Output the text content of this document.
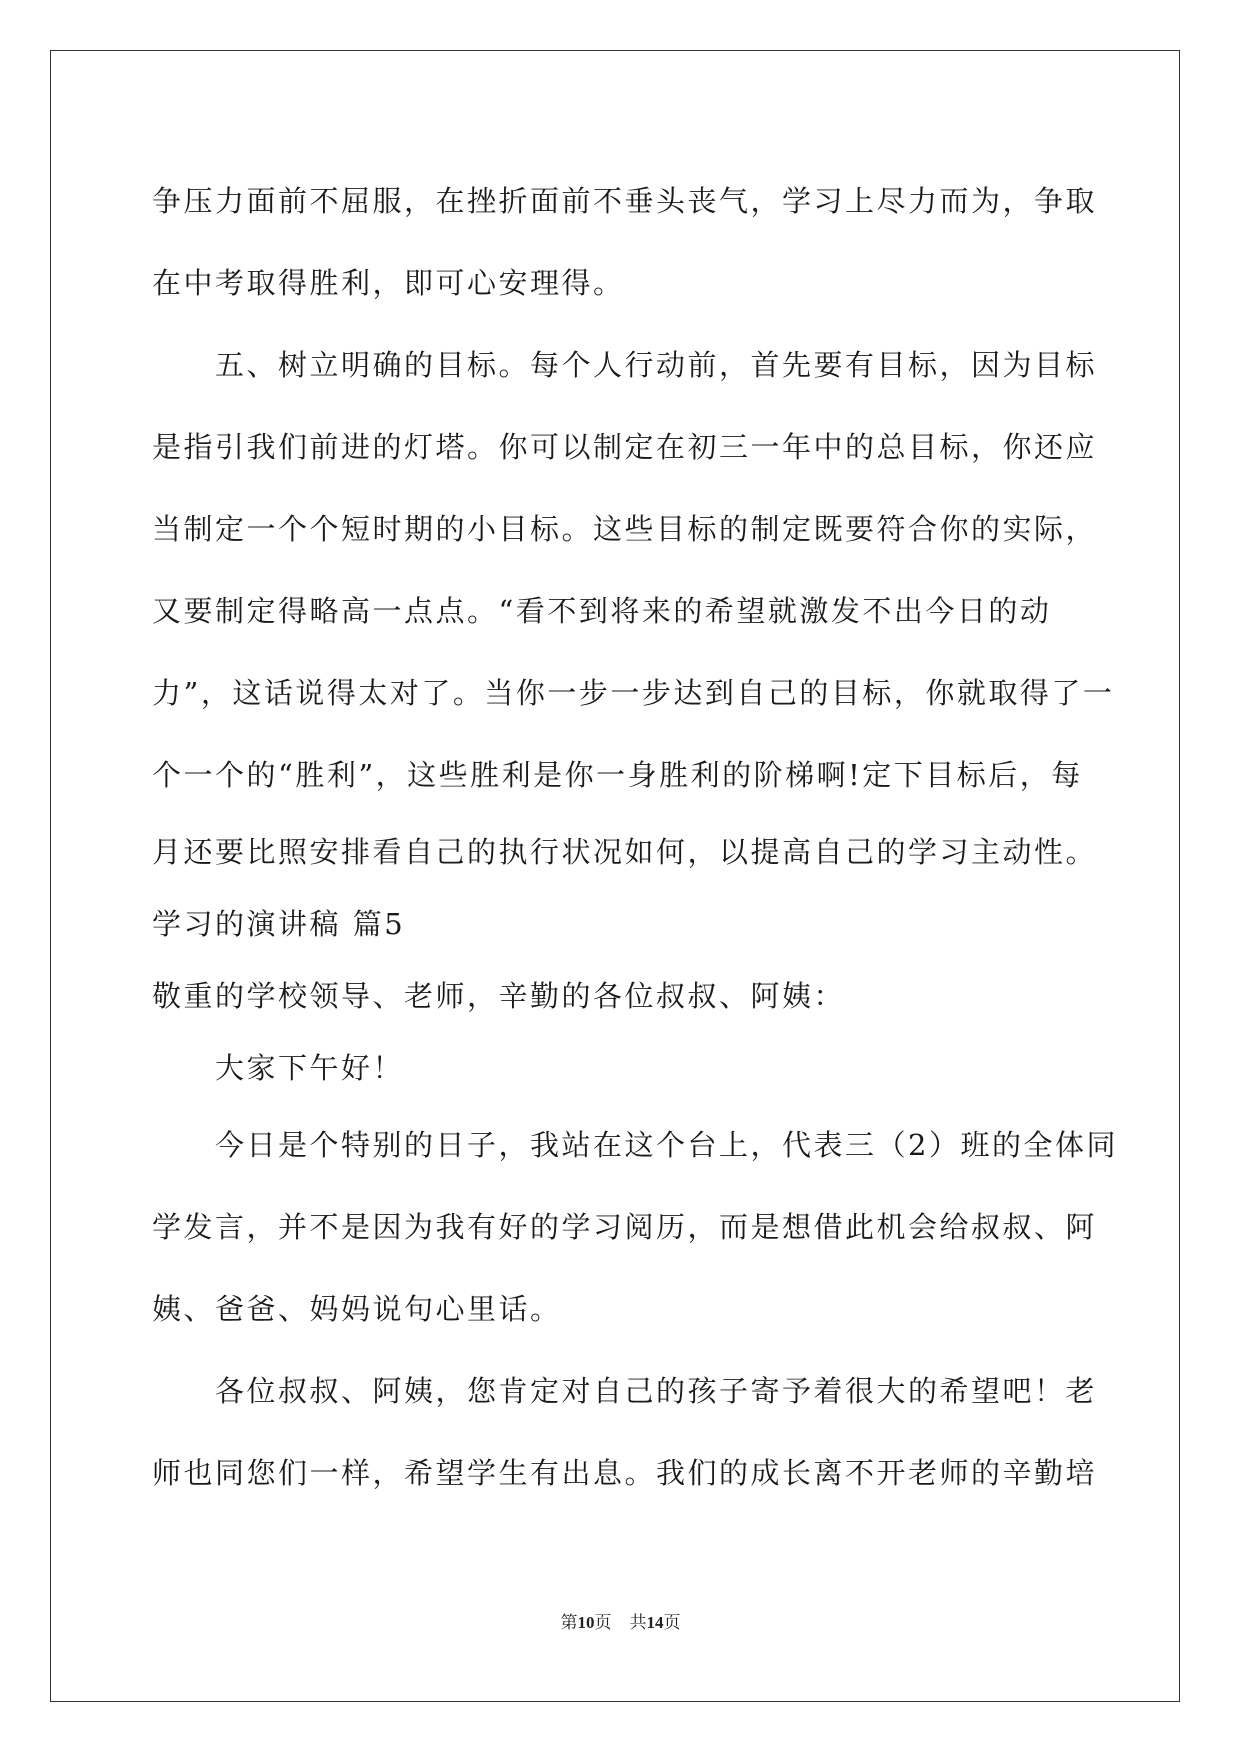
争压力面前不屈服，在挫折面前不垂头丧气，学习上尽力而为，争取
在中考取得胜利，即可心安理得。
　　五、树立明确的目标。每个人行动前，首先要有目标，因为目标
是指引我们前进的灯塔。你可以制定在初三一年中的总目标，你还应
当制定一个个短时期的小目标。这些目标的制定既要符合你的实际，
又要制定得略高一点点。“看不到将来的希望就激发不出今日的动
力”，这话说得太对了。当你一步一步达到自己的目标，你就取得了一
个一个的“胜利”，这些胜利是你一身胜利的阶梯啊!定下目标后，每
月还要比照安排看自己的执行状况如何，以提高自己的学习主动性。
学习的演讲稿 篇5
敬重的学校领导、老师，辛勤的各位叔叔、阿姨：
　　大家下午好！
　　今日是个特别的日子，我站在这个台上，代表三（2）班的全体同
学发言，并不是因为我有好的学习阅历，而是想借此机会给叔叔、阿
姨、爸爸、妈妈说句心里话。
　　各位叔叔、阿姨，您肯定对自己的孩子寄予着很大的希望吧！老
师也同您们一样，希望学生有出息。我们的成长离不开老师的辛勤培
第10页 共14页
